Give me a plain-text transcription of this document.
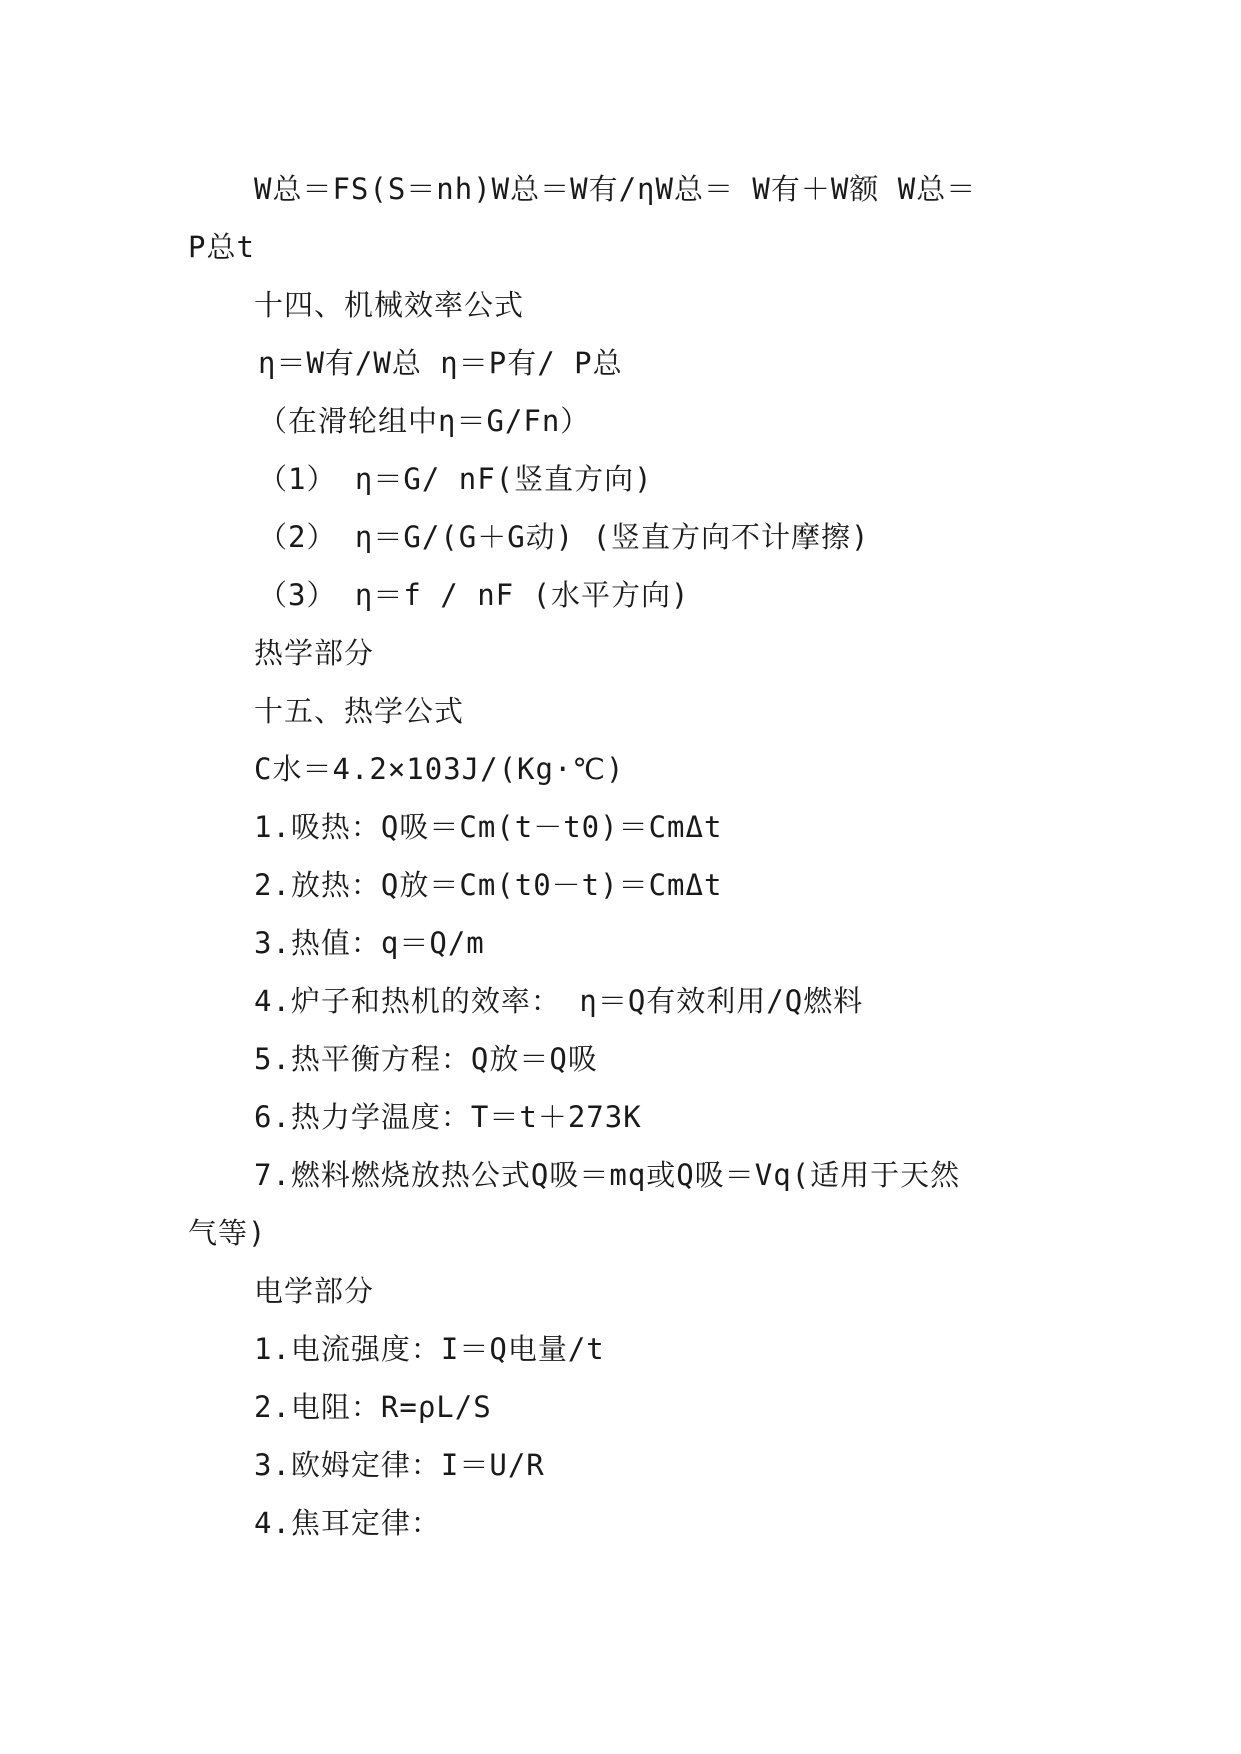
W总＝FS(S＝nh)W总＝W有/ηW总＝ W有＋W额 W总＝
P总t
十四、机械效率公式
η＝W有/W总 η＝P有/ P总
（在滑轮组中η＝G/Fn）
（1） η＝G/ nF(竖直方向)
（2） η＝G/(G＋G动) (竖直方向不计摩擦)
（3） η＝f / nF (水平方向)
热学部分
十五、热学公式
C水＝4.2×103J/(Kg·℃)
1.吸热：Q吸＝Cm(t－t0)＝CmΔt
2.放热：Q放＝Cm(t0－t)＝CmΔt
3.热值：q＝Q/m
4.炉子和热机的效率： η＝Q有效利用/Q燃料
5.热平衡方程：Q放＝Q吸
6.热力学温度：T＝t＋273K
7.燃料燃烧放热公式Q吸＝mq或Q吸＝Vq(适用于天然
气等)
电学部分
1.电流强度：I＝Q电量/t
2.电阻：R=ρL/S
3.欧姆定律：I＝U/R
4.焦耳定律：
